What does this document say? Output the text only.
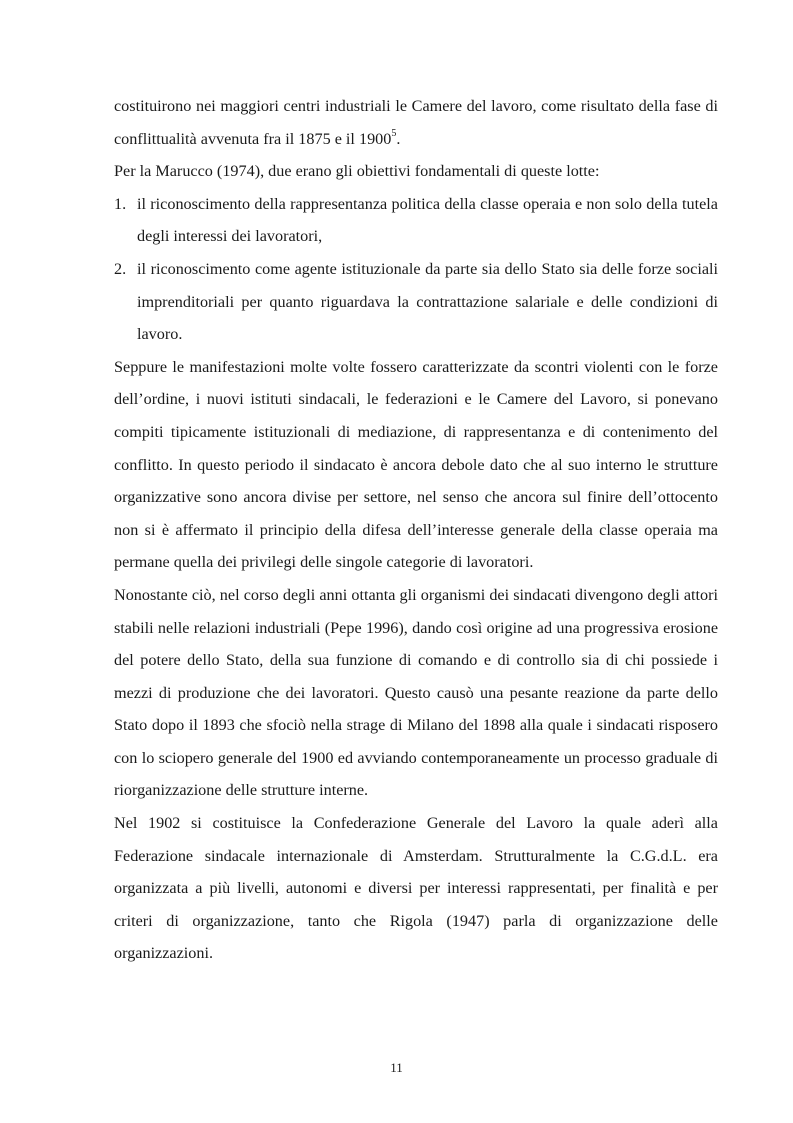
costituirono nei maggiori centri industriali le Camere del lavoro, come risultato della fase di conflittualità avvenuta fra il 1875 e il 1900$^5$.

Per la Marucco (1974), due erano gli obiettivi fondamentali di queste lotte:

1. il riconoscimento della rappresentanza politica della classe operaia e non solo della tutela degli interessi dei lavoratori,
2. il riconoscimento come agente istituzionale da parte sia dello Stato sia delle forze sociali imprenditoriali per quanto riguardava la contrattazione salariale e delle condizioni di lavoro.

Seppure le manifestazioni molte volte fossero caratterizzate da scontri violenti con le forze dell’ordine, i nuovi istituti sindacali, le federazioni e le Camere del Lavoro, si ponevano compiti tipicamente istituzionali di mediazione, di rappresentanza e di contenimento del conflitto. In questo periodo il sindacato è ancora debole dato che al suo interno le strutture organizzative sono ancora divise per settore, nel senso che ancora sul finire dell’ottocento non si è affermato il principio della difesa dell’interesse generale della classe operaia ma permane quella dei privilegi delle singole categorie di lavoratori.

Nonostante ciò, nel corso degli anni ottanta gli organismi dei sindacati divengono degli attori stabili nelle relazioni industriali (Pepe 1996), dando così origine ad una progressiva erosione del potere dello Stato, della sua funzione di comando e di controllo sia di chi possiede i mezzi di produzione che dei lavoratori. Questo causò una pesante reazione da parte dello Stato dopo il 1893 che sfociò nella strage di Milano del 1898 alla quale i sindacati risposero con lo sciopero generale del 1900 ed avviando contemporaneamente un processo graduale di riorganizzazione delle strutture interne.

Nel 1902 si costituisce la Confederazione Generale del Lavoro la quale aderì alla Federazione sindacale internazionale di Amsterdam. Strutturalmente la C.G.d.L. era organizzata a più livelli, autonomi e diversi per interessi rappresentati, per finalità e per criteri di organizzazione, tanto che Rigola (1947) parla di organizzazione delle organizzazioni.

11
